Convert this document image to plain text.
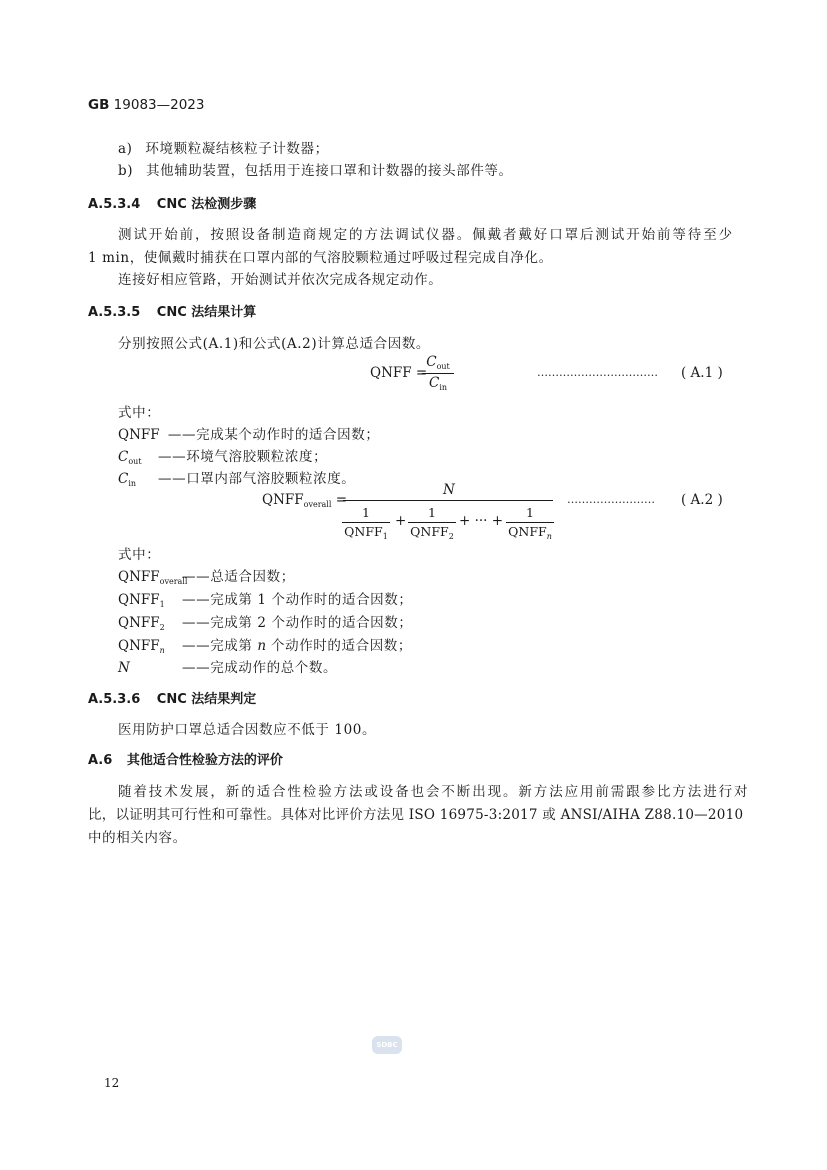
GB 19083—2023
a) 环境颗粒凝结核粒子计数器；
b) 其他辅助装置，包括用于连接口罩和计数器的接头部件等。
A.5.3.4 CNC 法检测步骤
测试开始前，按照设备制造商规定的方法调试仪器。佩戴者戴好口罩后测试开始前等待至少
1 min，使佩戴时捕获在口罩内部的气溶胶颗粒通过呼吸过程完成自净化。
连接好相应管路，开始测试并依次完成各规定动作。
A.5.3.5 CNC 法结果计算
分别按照公式(A.1)和公式(A.2)计算总适合因数。
QNFF =
$C_{out}$
$C_{in}$
…………………………… ( A.1 )
式中：
QNFF ——完成某个动作时的适合因数；
$C_{out}$ ——环境气溶胶颗粒浓度；
$C_{in}$ ——口罩内部气溶胶颗粒浓度。
$QNFF_{overall}$ =
N
1
$QNFF_1$
+
1
$QNFF_2$
+ ··· +
1
$QNFF_n$
…………………… ( A.2 )
式中：
$QNFF_{overall}——$总适合因数；
$QNFF_1$ ——完成第 1 个动作时的适合因数；
$QNFF_2$ ——完成第 2 个动作时的适合因数；
$QNFF_n$ ——完成第 n 个动作时的适合因数；
N	——完成动作的总个数。
A.5.3.6 CNC 法结果判定
医用防护口罩总适合因数应不低于 100。
A.6 其他适合性检验方法的评价
随着技术发展，新的适合性检验方法或设备也会不断出现。新方法应用前需跟参比方法进行对
比，以证明其可行性和可靠性。具体对比评价方法见 ISO 16975-3:2017 或 ANSI/AIHA Z88.10—2010
中的相关内容。
SDBC
12
